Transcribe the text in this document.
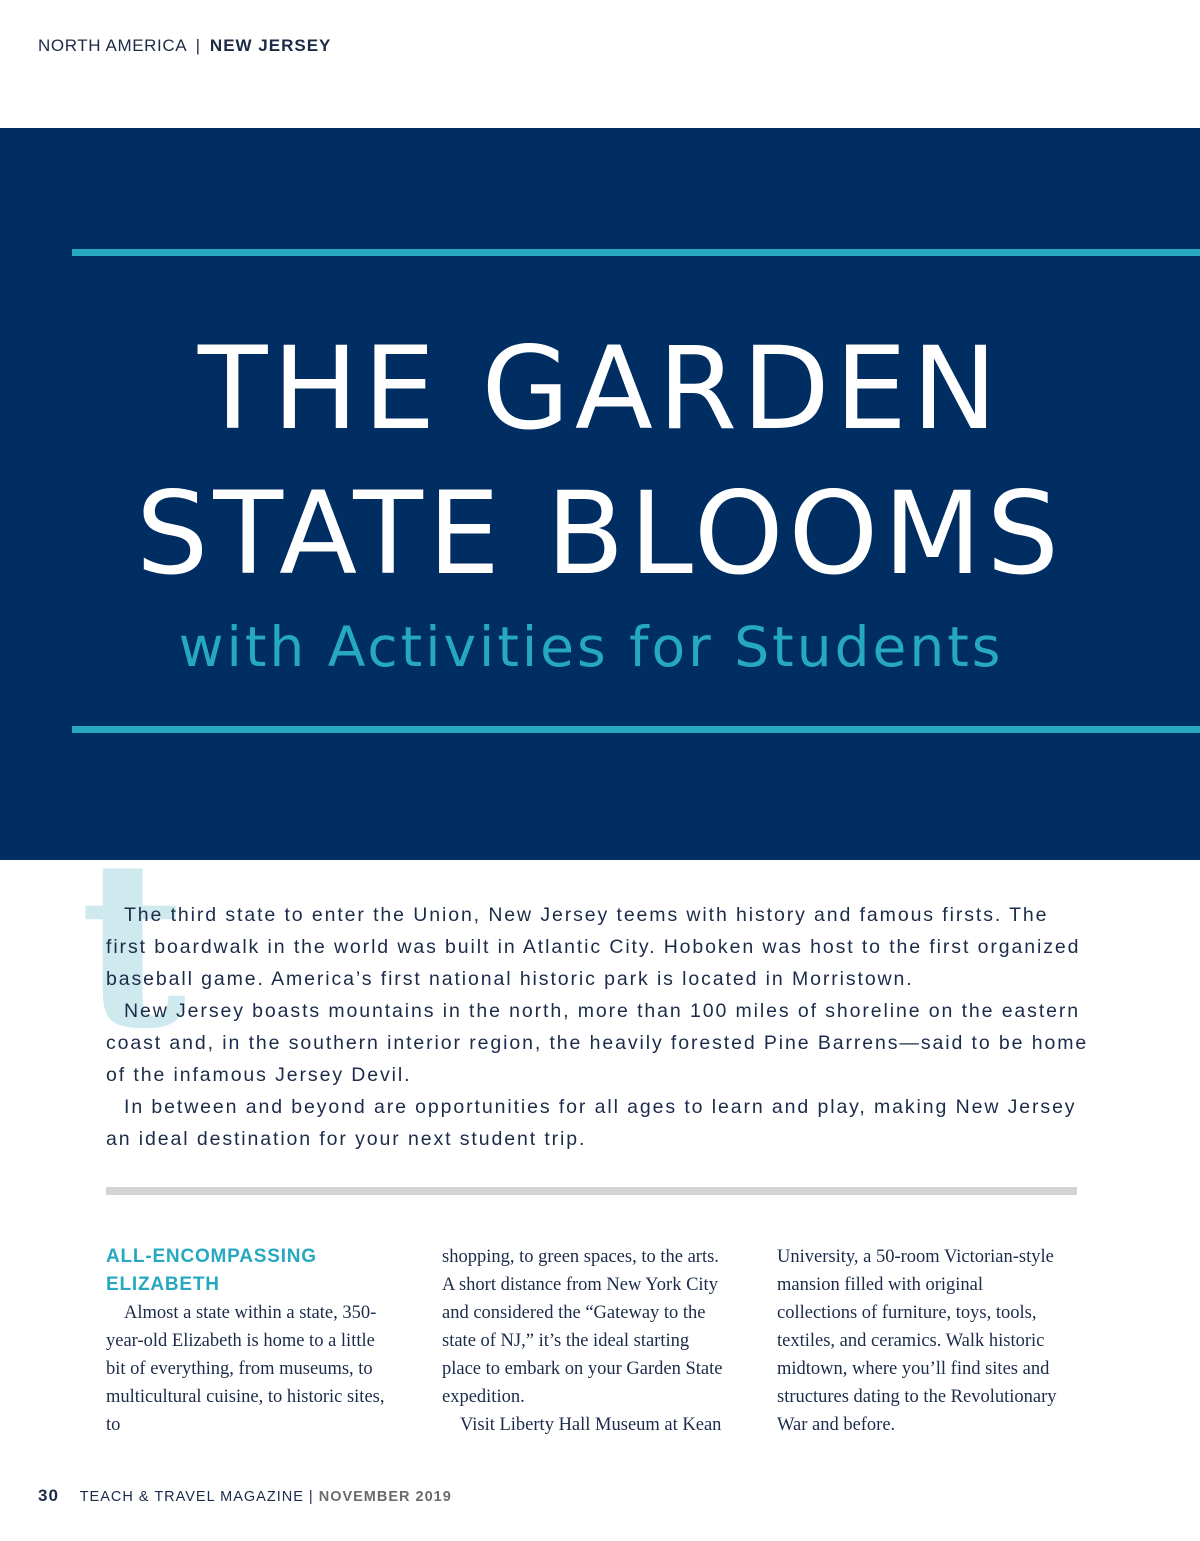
NORTH AMERICA | NEW JERSEY
THE GARDEN
STATE BLOOMS
with Activities for Students
t

The third state to enter the Union, New Jersey teems with history and famous firsts. The first boardwalk in the world was built in Atlantic City. Hoboken was host to the first organized baseball game. America’s first national historic park is located in Morristown.

New Jersey boasts mountains in the north, more than 100 miles of shoreline on the eastern coast and, in the southern interior region, the heavily forested Pine Barrens—said to be home of the infamous Jersey Devil.

In between and beyond are opportunities for all ages to learn and play, making New Jersey an ideal destination for your next student trip.

ALL-ENCOMPASSING ELIZABETH

Almost a state within a state, 350-year-old Elizabeth is home to a little bit of everything, from museums, to multicultural cuisine, to historic sites, to

shopping, to green spaces, to the arts. A short distance from New York City and considered the “Gateway to the state of NJ,” it’s the ideal starting place to embark on your Garden State expedition.

Visit Liberty Hall Museum at Kean

University, a 50-room Victorian-style mansion filled with original collections of furniture, toys, tools, textiles, and ceramics. Walk historic midtown, where you’ll find sites and structures dating to the Revolutionary War and before.

30 TEACH & TRAVEL MAGAZINE | NOVEMBER 2019
